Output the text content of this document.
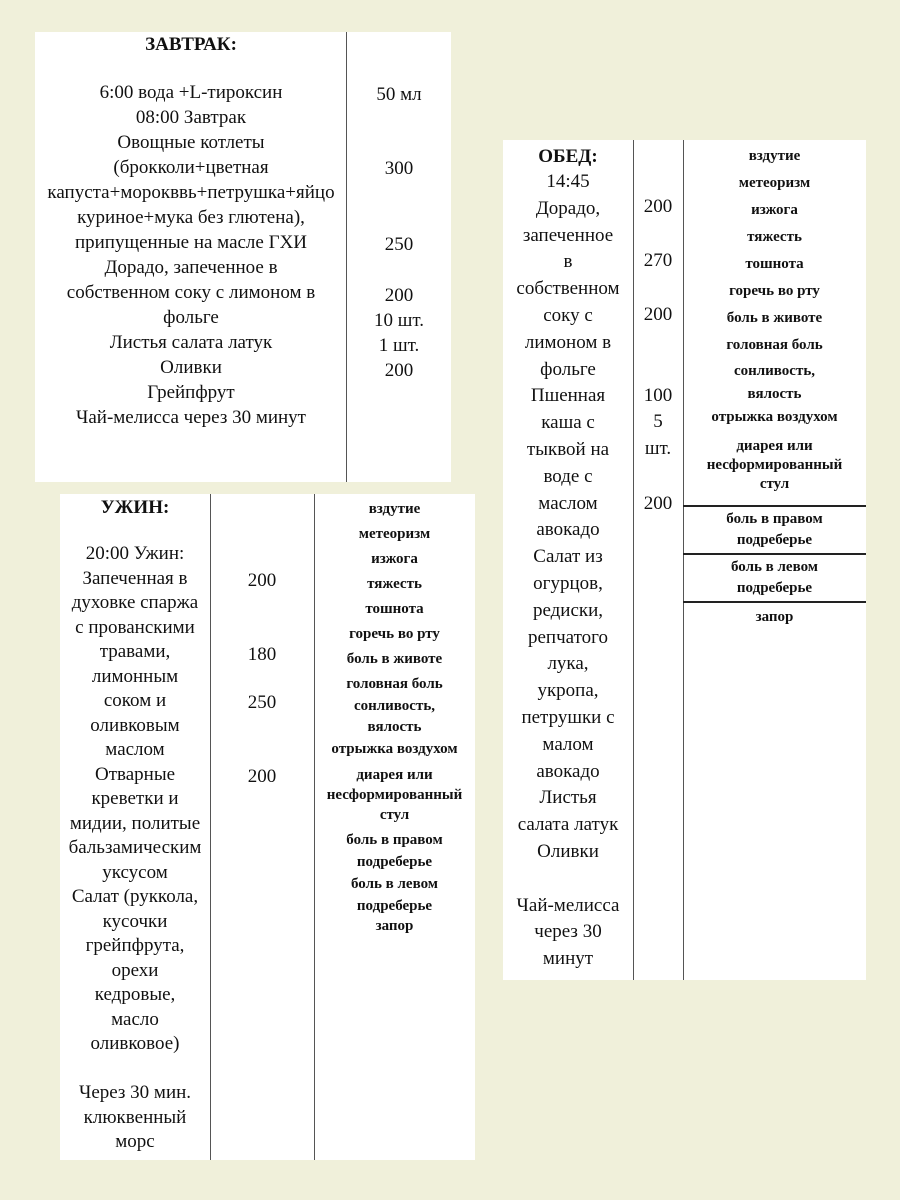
ЗАВТРАК:
6:00 вода +L-тироксин
08:00 Завтрак
Овощные котлеты
(брокколи+цветная
капуста+морокввь+петрушка+яйцо
куриное+мука без глютена),
припущенные на масле ГХИ
Дорадо, запеченное в
собственном соку с лимоном в
фольге
Листья салата латук
Оливки
Грейпфрут
Чай-мелисса через 30 минут
50 мл
300
250
200
10 шт.
1 шт.
200
ОБЕД:
14:45
Дорадо,
запеченное
в
собственном
соку с
лимоном в
фольге
Пшенная
каша с
тыквой на
воде с
маслом
авокадо
Салат из
огурцов,
редиски,
репчатого
лука,
укропа,
петрушки с
малом
авокадо
Листья
салата латук
Оливки

Чай-мелисса
через 30
минут
200
270
200
100
5
шт.
200
вздутие
метеоризм
изжога
тяжесть
тошнота
горечь во рту
боль в животе
головная боль
сонливость,
вялость
отрыжка воздухом
диарея или
несформированный
стул
боль в правом
подреберье
боль в левом
подреберье
запор
УЖИН:
20:00 Ужин:
Запеченная в
духовке спаржа
с прованскими
травами,
лимонным
соком и
оливковым
маслом
Отварные
креветки и
мидии, политые
бальзамическим
уксусом
Салат (руккола,
кусочки
грейпфрута,
орехи
кедровые,
масло
оливковое)

Через 30 мин.
клюквенный
морс
200
180
250
200
вздутие
метеоризм
изжога
тяжесть
тошнота
горечь во рту
боль в животе
головная боль
сонливость,
вялость
отрыжка воздухом
диарея или
несформированный
стул
боль в правом
подреберье
боль в левом
подреберье
запор
